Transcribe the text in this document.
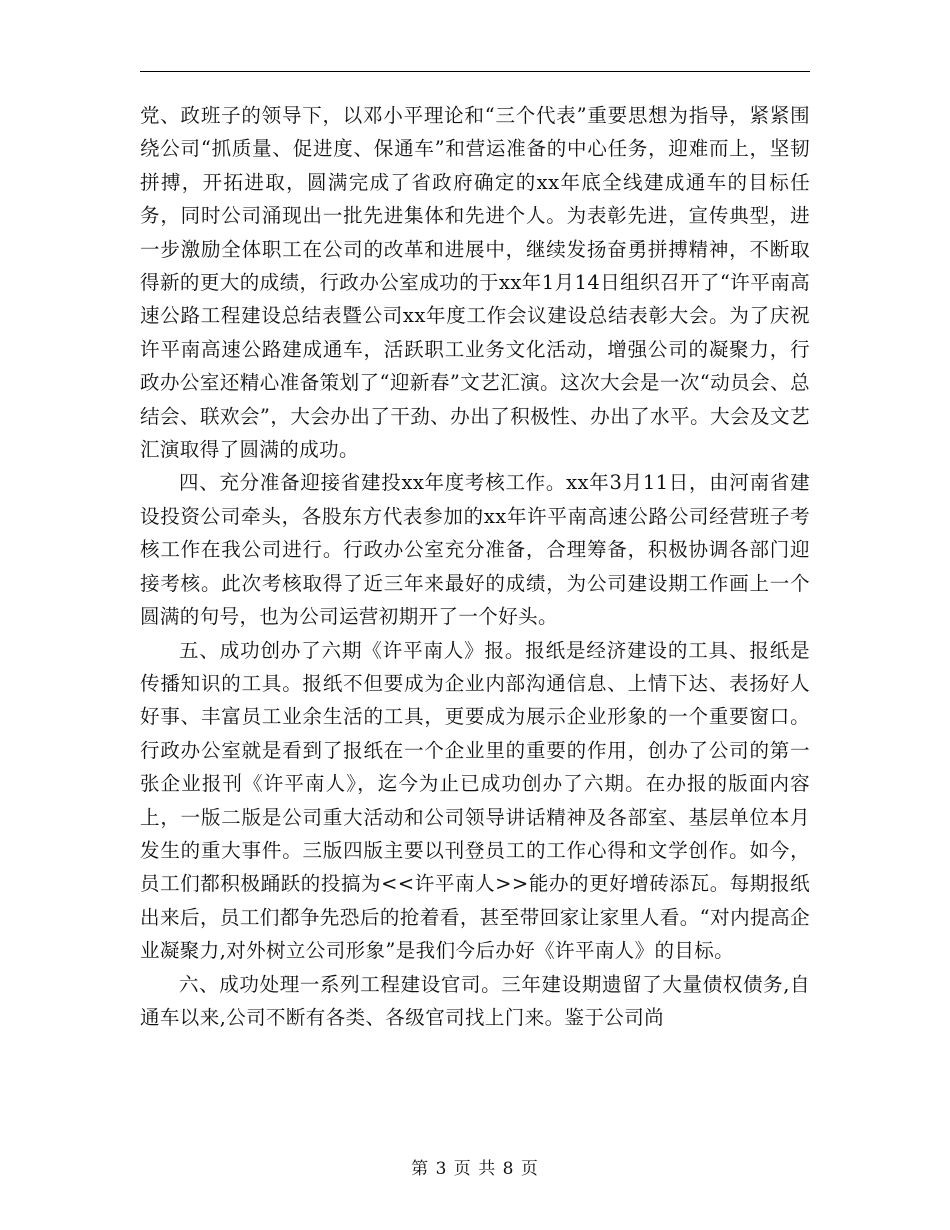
党、政班子的领导下，以邓小平理论和“三个代表”重要思想为指导，紧紧围绕公司“抓质量、促进度、保通车”和营运准备的中心任务，迎难而上，坚韧拼搏，开拓进取，圆满完成了省政府确定的xx年底全线建成通车的目标任务，同时公司涌现出一批先进集体和先进个人。为表彰先进，宣传典型，进一步激励全体职工在公司的改革和进展中，继续发扬奋勇拼搏精神，不断取得新的更大的成绩，行政办公室成功的于xx年1月14日组织召开了“许平南高速公路工程建设总结表暨公司xx年度工作会议建设总结表彰大会。为了庆祝许平南高速公路建成通车，活跃职工业务文化活动，增强公司的凝聚力，行政办公室还精心准备策划了“迎新春”文艺汇演。这次大会是一次“动员会、总结会、联欢会”，大会办出了干劲、办出了积极性、办出了水平。大会及文艺汇演取得了圆满的成功。

四、充分准备迎接省建投xx年度考核工作。xx年3月11日，由河南省建设投资公司牵头，各股东方代表参加的xx年许平南高速公路公司经营班子考核工作在我公司进行。行政办公室充分准备，合理筹备，积极协调各部门迎接考核。此次考核取得了近三年来最好的成绩，为公司建设期工作画上一个圆满的句号，也为公司运营初期开了一个好头。

五、成功创办了六期《许平南人》报。报纸是经济建设的工具、报纸是传播知识的工具。报纸不但要成为企业内部沟通信息、上情下达、表扬好人好事、丰富员工业余生活的工具，更要成为展示企业形象的一个重要窗口。行政办公室就是看到了报纸在一个企业里的重要的作用，创办了公司的第一张企业报刊《许平南人》，迄今为止已成功创办了六期。在办报的版面内容上，一版二版是公司重大活动和公司领导讲话精神及各部室、基层单位本月发生的重大事件。三版四版主要以刊登员工的工作心得和文学创作。如今，员工们都积极踊跃的投搞为<<许平南人>>能办的更好增砖添瓦。每期报纸出来后，员工们都争先恐后的抢着看，甚至带回家让家里人看。“对内提高企业凝聚力,对外树立公司形象”是我们今后办好《许平南人》的目标。

六、成功处理一系列工程建设官司。三年建设期遗留了大量债权债务,自通车以来,公司不断有各类、各级官司找上门来。鉴于公司尚

第 3 页 共 8 页
